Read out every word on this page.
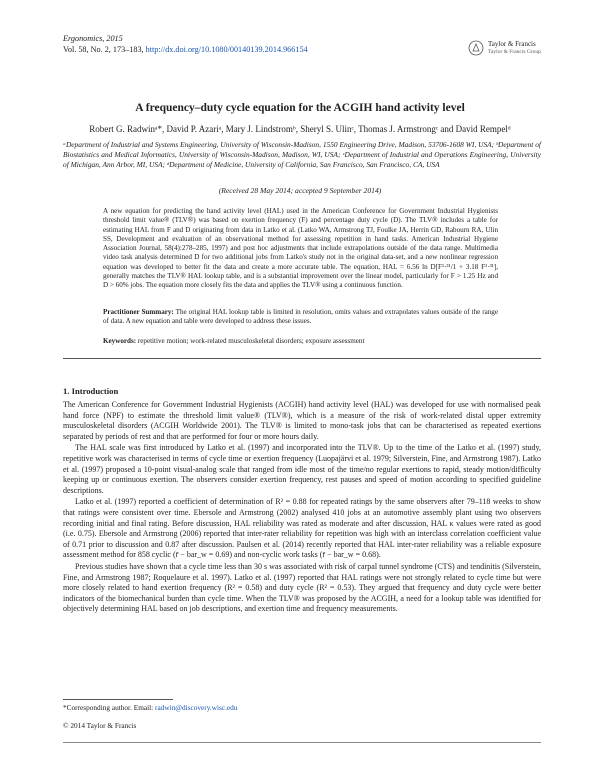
Ergonomics, 2015
Vol. 58, No. 2, 173–183, http://dx.doi.org/10.1080/00140139.2014.966154
Taylor & Francis
Taylor & Francis Group
A frequency–duty cycle equation for the ACGIH hand activity level
Robert G. Radwinᵃ*, David P. Azariᵃ, Mary J. Lindstromᵇ, Sheryl S. Ulinᶜ, Thomas J. Armstrongᶜ and David Rempelᵈ
ᵃDepartment of Industrial and Systems Engineering, University of Wisconsin-Madison, 1550 Engineering Drive, Madison, 53706-1608 WI, USA; ᵇDepartment of Biostatistics and Medical Informatics, University of Wisconsin-Madison, Madison, WI, USA; ᶜDepartment of Industrial and Operations Engineering, University of Michigan, Ann Arbor, MI, USA; ᵈDepartment of Medicine, University of California, San Francisco, San Francisco, CA, USA
(Received 28 May 2014; accepted 9 September 2014)
A new equation for predicting the hand activity level (HAL) used in the American Conference for Government Industrial Hygienists threshold limit value® (TLV®) was based on exertion frequency (F) and percentage duty cycle (D). The TLV® includes a table for estimating HAL from F and D originating from data in Latko et al. (Latko WA, Armstrong TJ, Foulke JA, Herrin GD, Rabourn RA, Ulin SS, Development and evaluation of an observational method for assessing repetition in hand tasks. American Industrial Hygiene Association Journal, 58(4):278–285, 1997) and post hoc adjustments that include extrapolations outside of the data range. Multimedia video task analysis determined D for two additional jobs from Latko's study not in the original data-set, and a new nonlinear regression equation was developed to better fit the data and create a more accurate table. The equation, HAL = 6.56 ln D[F¹·³¹/1 + 3.18 F¹·³¹], generally matches the TLV® HAL lookup table, and is a substantial improvement over the linear model, particularly for F > 1.25 Hz and D > 60% jobs. The equation more closely fits the data and applies the TLV® using a continuous function.
Practitioner Summary: The original HAL lookup table is limited in resolution, omits values and extrapolates values outside of the range of data. A new equation and table were developed to address these issues.
Keywords: repetitive motion; work-related musculoskeletal disorders; exposure assessment
1. Introduction

The American Conference for Government Industrial Hygienists (ACGIH) hand activity level (HAL) was developed for use with normalised peak hand force (NPF) to estimate the threshold limit value® (TLV®), which is a measure of the risk of work-related distal upper extremity musculoskeletal disorders (ACGIH Worldwide 2001). The TLV® is limited to mono-task jobs that can be characterised as repeated exertions separated by periods of rest and that are performed for four or more hours daily.

The HAL scale was first introduced by Latko et al. (1997) and incorporated into the TLV®. Up to the time of the Latko et al. (1997) study, repetitive work was characterised in terms of cycle time or exertion frequency (Luopajärvi et al. 1979; Silverstein, Fine, and Armstrong 1987). Latko et al. (1997) proposed a 10-point visual-analog scale that ranged from idle most of the time/no regular exertions to rapid, steady motion/difficulty keeping up or continuous exertion. The observers consider exertion frequency, rest pauses and speed of motion according to specified guideline descriptions.

Latko et al. (1997) reported a coefficient of determination of R² = 0.88 for repeated ratings by the same observers after 79–118 weeks to show that ratings were consistent over time. Ebersole and Armstrong (2002) analysed 410 jobs at an automotive assembly plant using two observers recording initial and final rating. Before discussion, HAL reliability was rated as moderate and after discussion, HAL κ values were rated as good (i.e. 0.75). Ebersole and Armstrong (2006) reported that inter-rater reliability for repetition was high with an interclass correlation coefficient value of 0.71 prior to discussion and 0.87 after discussion. Paulsen et al. (2014) recently reported that HAL inter-rater reliability was a reliable exposure assessment method for 858 cyclic (r̄ − bar_w = 0.69) and non-cyclic work tasks (r̄ − bar_w = 0.68).

Previous studies have shown that a cycle time less than 30 s was associated with risk of carpal tunnel syndrome (CTS) and tendinitis (Silverstein, Fine, and Armstrong 1987; Roquelaure et al. 1997). Latko et al. (1997) reported that HAL ratings were not strongly related to cycle time but were more closely related to hand exertion frequency (R² = 0.58) and duty cycle (R² = 0.53). They argued that frequency and duty cycle were better indicators of the biomechanical burden than cycle time. When the TLV® was proposed by the ACGIH, a need for a lookup table was identified for objectively determining HAL based on job descriptions, and exertion time and frequency measurements.

*Corresponding author. Email: radwin@discovery.wisc.edu
© 2014 Taylor & Francis
